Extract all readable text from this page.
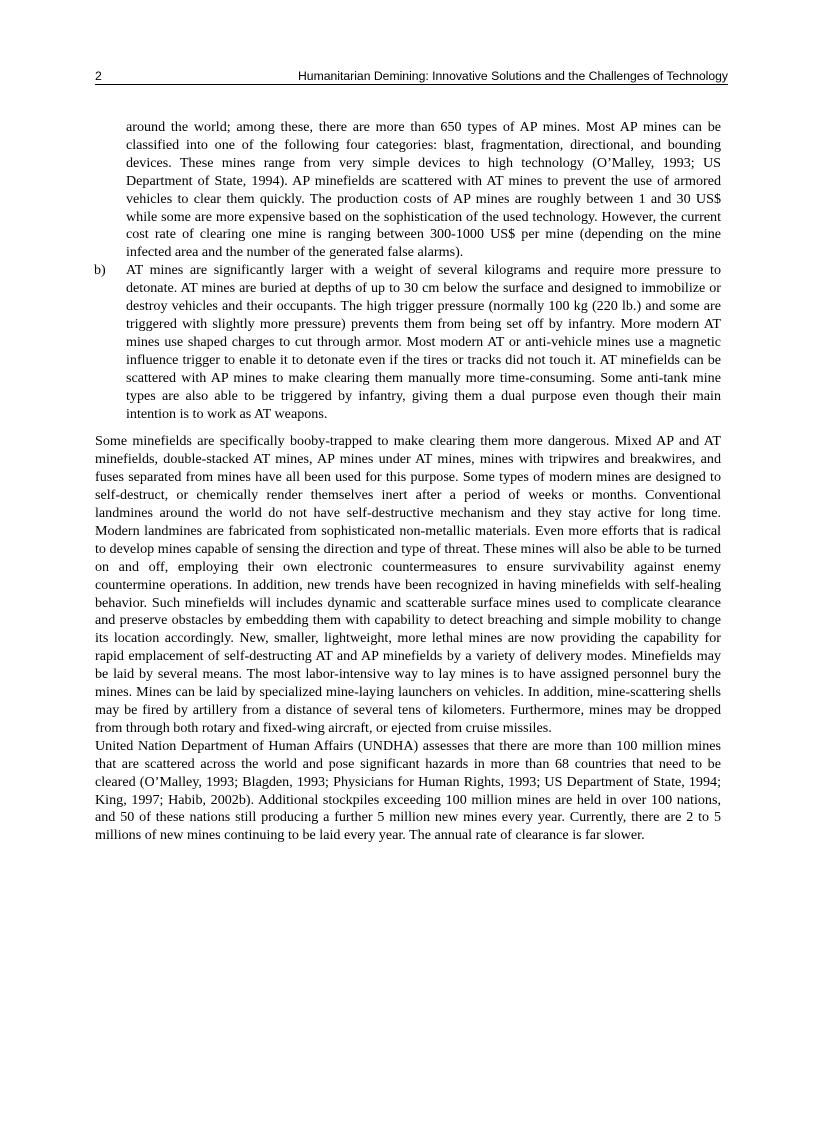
2	Humanitarian Demining: Innovative Solutions and the Challenges of Technology

around the world; among these, there are more than 650 types of AP mines. Most AP mines can be classified into one of the following four categories: blast, fragmentation, directional, and bounding devices. These mines range from very simple devices to high technology (O’Malley, 1993; US Department of State, 1994). AP minefields are scattered with AT mines to prevent the use of armored vehicles to clear them quickly. The production costs of AP mines are roughly between 1 and 30 US$ while some are more expensive based on the sophistication of the used technology. However, the current cost rate of clearing one mine is ranging between 300-1000 US$ per mine (depending on the mine infected area and the number of the generated false alarms).

b) AT mines are significantly larger with a weight of several kilograms and require more pressure to detonate. AT mines are buried at depths of up to 30 cm below the surface and designed to immobilize or destroy vehicles and their occupants. The high trigger pressure (normally 100 kg (220 lb.) and some are triggered with slightly more pressure) prevents them from being set off by infantry. More modern AT mines use shaped charges to cut through armor. Most modern AT or anti-vehicle mines use a magnetic influence trigger to enable it to detonate even if the tires or tracks did not touch it. AT minefields can be scattered with AP mines to make clearing them manually more time-consuming. Some anti-tank mine types are also able to be triggered by infantry, giving them a dual purpose even though their main intention is to work as AT weapons.

Some minefields are specifically booby-trapped to make clearing them more dangerous. Mixed AP and AT minefields, double-stacked AT mines, AP mines under AT mines, mines with tripwires and breakwires, and fuses separated from mines have all been used for this purpose. Some types of modern mines are designed to self-destruct, or chemically render themselves inert after a period of weeks or months. Conventional landmines around the world do not have self-destructive mechanism and they stay active for long time. Modern landmines are fabricated from sophisticated non-metallic materials. Even more efforts that is radical to develop mines capable of sensing the direction and type of threat. These mines will also be able to be turned on and off, employing their own electronic countermeasures to ensure survivability against enemy countermine operations. In addition, new trends have been recognized in having minefields with self-healing behavior. Such minefields will includes dynamic and scatterable surface mines used to complicate clearance and preserve obstacles by embedding them with capability to detect breaching and simple mobility to change its location accordingly. New, smaller, lightweight, more lethal mines are now providing the capability for rapid emplacement of self-destructing AT and AP minefields by a variety of delivery modes. Minefields may be laid by several means. The most labor-intensive way to lay mines is to have assigned personnel bury the mines. Mines can be laid by specialized mine-laying launchers on vehicles. In addition, mine-scattering shells may be fired by artillery from a distance of several tens of kilometers. Furthermore, mines may be dropped from through both rotary and fixed-wing aircraft, or ejected from cruise missiles.

United Nation Department of Human Affairs (UNDHA) assesses that there are more than 100 million mines that are scattered across the world and pose significant hazards in more than 68 countries that need to be cleared (O’Malley, 1993; Blagden, 1993; Physicians for Human Rights, 1993; US Department of State, 1994; King, 1997; Habib, 2002b). Additional stockpiles exceeding 100 million mines are held in over 100 nations, and 50 of these nations still producing a further 5 million new mines every year. Currently, there are 2 to 5 millions of new mines continuing to be laid every year. The annual rate of clearance is far slower.
